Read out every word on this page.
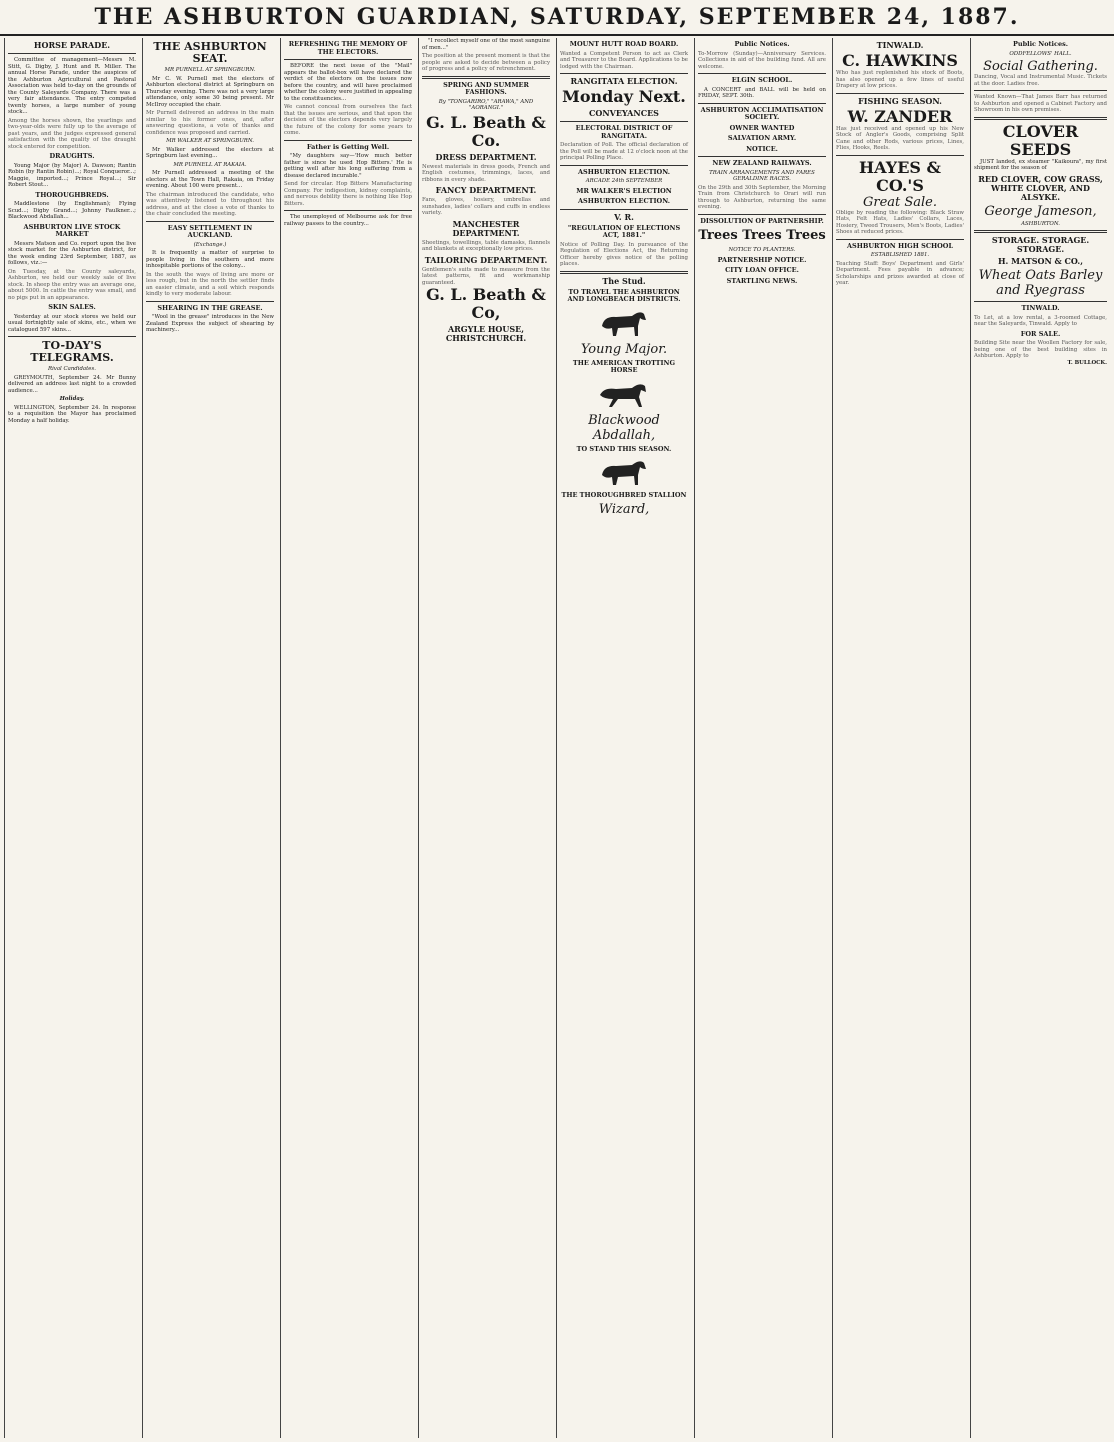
THE ASHBURTON GUARDIAN, SATURDAY, SEPTEMBER 24, 1887.
HORSE PARADE.

Committee of management—Messrs M. Stitt, G. Digby, J. Hunt and R. Miller. The annual Horse Parade, under the auspices of the Ashburton Agricultural and Pastoral Association was held to-day on the grounds of the County Saleyards Company. There was a very fair attendance. The entry competed twenty horses, a large number of young stock...

Among the horses shown, the yearlings and two-year-olds were fully up to the average of past years, and the judges expressed general satisfaction with the quality of the draught stock entered for competition.
DRAUGHTS.

Young Major (by Major) A. Dawson; Rantin Robin (by Rantin Robin)...; Royal Conqueror...; Maggie, imported...; Prince Royal...; Sir Robert Stout...

THOROUGHBREDS.

Maddlestone (by Englishman); Flying Scud...; Digby Grand...; Johnny Faulkner...; Blackwood Abdallah...

ASHBURTON LIVE STOCK MARKET

Messrs Matson and Co. report upon the live stock market for the Ashburton district, for the week ending 23rd September, 1887, as follows, viz.:—

On Tuesday, at the County saleyards, Ashburton, we held our weekly sale of live stock. In sheep the entry was an average one, about 5000. In cattle the entry was small, and no pigs put in an appearance.
SKIN SALES.

Yesterday at our stock stores we held our usual fortnightly sale of skins, etc., when we catalogued 597 skins...

TO-DAY'S TELEGRAMS.
Rival Candidates.

GREYMOUTH, September 24. Mr Bunny delivered an address last night to a crowded audience...

Holiday.

WELLINGTON, September 24. In response to a requisition the Mayor has proclaimed Monday a half holiday.

THE ASHBURTON SEAT.
MR PURNELL AT SPRINGBURN.

Mr C. W. Purnell met the electors of Ashburton electoral district at Springburn on Thursday evening. There was not a very large attendance, only some 30 being present. Mr McIlroy occupied the chair.

Mr Purnell delivered an address in the main similar to his former ones, and, after answering questions, a vote of thanks and confidence was proposed and carried.
MR WALKER AT SPRINGBURN.

Mr Walker addressed the electors at Springburn last evening...

MR PURNELL AT RAKAIA.

Mr Purnell addressed a meeting of the electors at the Town Hall, Rakaia, on Friday evening. About 100 were present...

The chairman introduced the candidate, who was attentively listened to throughout his address, and at the close a vote of thanks to the chair concluded the meeting.
EASY SETTLEMENT IN AUCKLAND.
(Exchange.)

It is frequently a matter of surprise to people living in the southern and more inhospitable portions of the colony...

In the south the ways of living are more or less rough, but in the north the settler finds an easier climate, and a soil which responds kindly to very moderate labour.
SHEARING IN THE GREASE.

"Wool in the grease" introduces in the New Zealand Express the subject of shearing by machinery...

REFRESHING THE MEMORY OF THE ELECTORS.

BEFORE the next issue of the "Mail" appears the ballot-box will have declared the verdict of the electors on the issues now before the country, and will have proclaimed whether the colony were justified in appealing to the constituencies...

We cannot conceal from ourselves the fact that the issues are serious, and that upon the decision of the electors depends very largely the future of the colony for some years to come.
Father is Getting Well.

"My daughters say—'How much better father is since he used Hop Bitters.' He is getting well after his long suffering from a disease declared incurable."

Send for circular. Hop Bitters Manufacturing Company. For indigestion, kidney complaints, and nervous debility there is nothing like Hop Bitters.

The unemployed of Melbourne ask for free railway passes to the country...

"I recollect myself one of the most sanguine of men..."

The position at the present moment is that the people are asked to decide between a policy of progress and a policy of retrenchment.
SPRING AND SUMMER FASHIONS.
By "TONGARIRO," "ARAWA," AND "AORANGI."
G. L. Beath & Co.
DRESS DEPARTMENT.
Newest materials in dress goods, French and English costumes, trimmings, laces, and ribbons in every shade.
FANCY DEPARTMENT.
Fans, gloves, hosiery, umbrellas and sunshades, ladies' collars and cuffs in endless variety.
MANCHESTER DEPARTMENT.
Sheetings, towellings, table damasks, flannels and blankets at exceptionally low prices.
TAILORING DEPARTMENT.
Gentlemen's suits made to measure from the latest patterns, fit and workmanship guaranteed.
G. L. Beath & Co,
ARGYLE HOUSE, CHRISTCHURCH.
MOUNT HUTT ROAD BOARD.
Wanted a Competent Person to act as Clerk and Treasurer to the Board. Applications to be lodged with the Chairman.
RANGITATA ELECTION.
Monday Next.
CONVEYANCES
ELECTORAL DISTRICT OF RANGITATA.
Declaration of Poll. The official declaration of the Poll will be made at 12 o'clock noon at the principal Polling Place.
ASHBURTON ELECTION.
ARCADE 24th SEPTEMBER
MR WALKER'S ELECTION
ASHBURTON ELECTION.
V. R.
"REGULATION OF ELECTIONS ACT, 1881."
Notice of Polling Day. In pursuance of the Regulation of Elections Act, the Returning Officer hereby gives notice of the polling places.
The Stud.
TO TRAVEL THE ASHBURTON AND LONGBEACH DISTRICTS.
Young Major.
THE AMERICAN TROTTING HORSE
Blackwood Abdallah,
TO STAND THIS SEASON.
THE THOROUGHBRED STALLION
Wizard,
Public Notices.
To-Morrow (Sunday)—Anniversary Services. Collections in aid of the building fund. All are welcome.
ELGIN SCHOOL.

A CONCERT and BALL will be held on FRIDAY, SEPT. 30th.

ASHBURTON ACCLIMATISATION SOCIETY.
OWNER WANTED
SALVATION ARMY.
NOTICE.
NEW ZEALAND RAILWAYS.
TRAIN ARRANGEMENTS AND FARES GERALDINE RACES.
On the 29th and 30th September, the Morning Train from Christchurch to Orari will run through to Ashburton, returning the same evening.
DISSOLUTION OF PARTNERSHIP.
Trees Trees Trees
NOTICE TO PLANTERS.
PARTNERSHIP NOTICE.
CITY LOAN OFFICE.
STARTLING NEWS.
TINWALD.
C. HAWKINS
Who has just replenished his stock of Boots, has also opened up a few lines of useful Drapery at low prices.
FISHING SEASON.
W. ZANDER
Has just received and opened up his New Stock of Angler's Goods, comprising Split Cane and other Rods, various prices, Lines, Flies, Hooks, Reels.
HAYES & CO.'S
Great Sale.
Oblige by reading the following: Black Straw Hats, Felt Hats, Ladies' Collars, Laces, Hosiery, Tweed Trousers, Men's Boots, Ladies' Shoes at reduced prices.
ASHBURTON HIGH SCHOOL
ESTABLISHED 1881.
Teaching Staff: Boys' Department and Girls' Department. Fees payable in advance; Scholarships and prizes awarded at close of year.
Public Notices.
ODDFELLOWS' HALL.
Social Gathering.
Dancing, Vocal and Instrumental Music. Tickets at the door. Ladies free.
Wanted Known—That James Barr has returned to Ashburton and opened a Cabinet Factory and Showroom in his own premises.
CLOVER SEEDS

JUST landed, ex steamer "Kaikoura", my first shipment for the season of

RED CLOVER, COW GRASS, WHITE CLOVER, AND ALSYKE.
George Jameson,
ASHBURTON.
STORAGE. STORAGE. STORAGE.
H. MATSON & CO.,
Wheat Oats Barley and Ryegrass
TINWALD.
To Let, at a low rental, a 3-roomed Cottage, near the Saleyards, Tinwald. Apply to
FOR SALE.
Building Site near the Woollen Factory for sale, being one of the best building sites in Ashburton. Apply to
T. BULLOCK.
